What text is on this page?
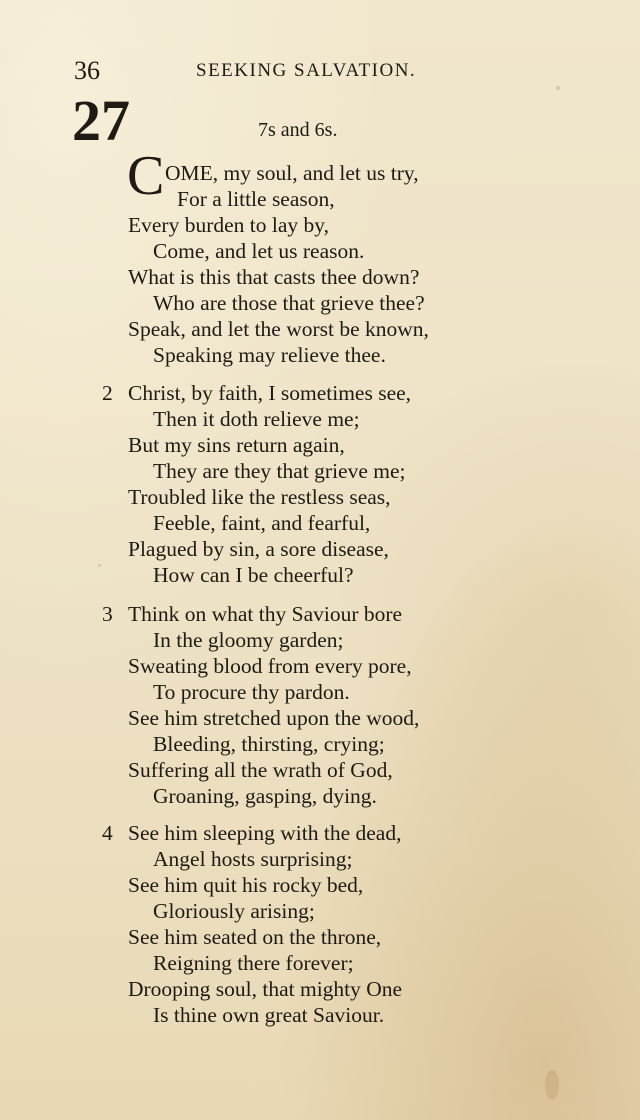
36	SEEKING SALVATION.
27	7s and 6s.
C OME, my soul, and let us try,
For a little season,
Every burden to lay by,
Come, and let us reason.
What is this that casts thee down?
Who are those that grieve thee?
Speak, and let the worst be known,
Speaking may relieve thee.
2 Christ, by faith, I sometimes see,
Then it doth relieve me;
But my sins return again,
They are they that grieve me;
Troubled like the restless seas,
Feeble, faint, and fearful,
Plagued by sin, a sore disease,
How can I be cheerful?
3 Think on what thy Saviour bore
In the gloomy garden;
Sweating blood from every pore,
To procure thy pardon.
See him stretched upon the wood,
Bleeding, thirsting, crying;
Suffering all the wrath of God,
Groaning, gasping, dying.
4 See him sleeping with the dead,
Angel hosts surprising;
See him quit his rocky bed,
Gloriously arising;
See him seated on the throne,
Reigning there forever;
Drooping soul, that mighty One
Is thine own great Saviour.
